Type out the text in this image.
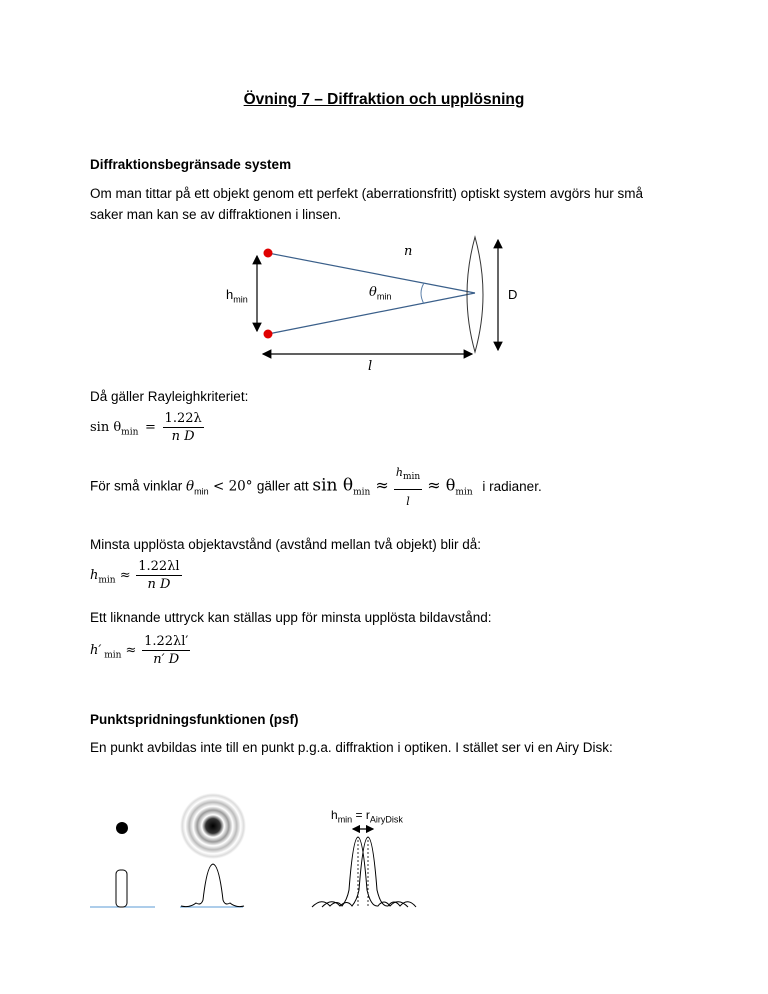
Övning 7 – Diffraktion och upplösning
Diffraktionsbegränsade system
Om man tittar på ett objekt genom ett perfekt (aberrationsfritt) optiskt system avgörs hur små
saker man kan se av diffraktionen i linsen.
n
$h_{min}$	$\theta_{min}$	D
l
Då gäller Rayleighkriteriet:
$\sin \theta_{min} = \frac{1.22\lambda}{\text{n D}}$
För små vinklar $\theta_{min} < 20^\circ$ gäller att $\sin \theta_{min} \approx \frac{h_{min}}{l} \approx \theta_{min}$ i radianer.
Minsta upplösta objektavstånd (avstånd mellan två objekt) blir då:
$h_{min} \approx \frac{1.22\lambda l}{\text{n D}}$
Ett liknande uttryck kan ställas upp för minsta upplösta bildavstånd:
h′ $_{min} \approx \frac{1.22\lambda l'}{n' D}$
Punktspridningsfunktionen (psf)
En punkt avbildas inte till en punkt p.g.a. diffraktion i optiken. I stället ser vi en Airy Disk:
$h_{min} = r_{AiryDisk}$
